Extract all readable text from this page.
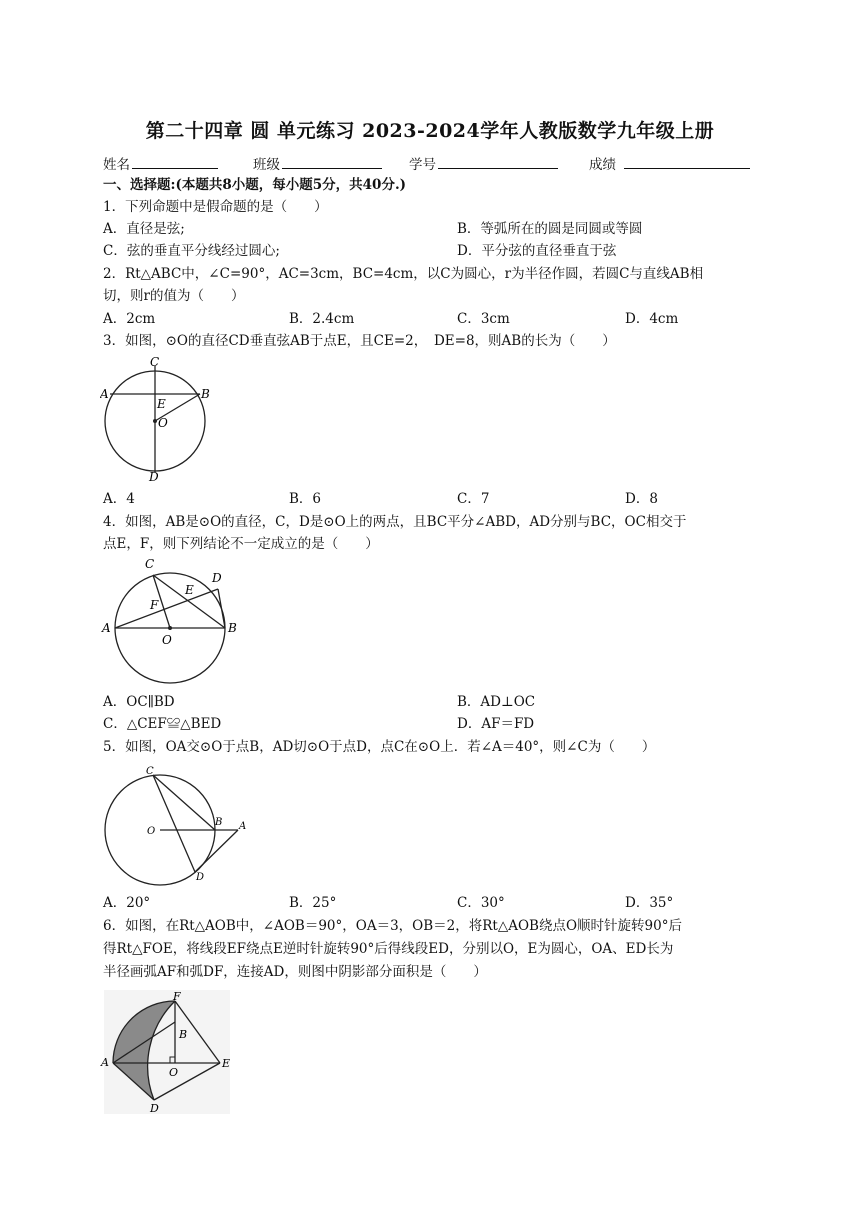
第二十四章 圆 单元练习 2023-2024学年人教版数学九年级上册
姓名	班级	学号	成绩
一、选择题:(本题共8小题，每小题5分，共40分.)
1．下列命题中是假命题的是（　　）
A．直径是弦;	B．等弧所在的圆是同圆或等圆
C．弦的垂直平分线经过圆心;	D．平分弦的直径垂直于弦
2．Rt△ABC中，∠C=90°，AC=3cm，BC=4cm，以C为圆心，r为半径作圆，若圆C与直线AB相
切，则r的值为（　　）
A．2cm	B．2.4cm	C．3cm	D．4cm
3．如图，⊙O的直径CD垂直弦AB于点E，且CE=2，　DE=8，则AB的长为（　　）
C
A	B
E
O
D
A．4	B．6	C．7	D．8
4．如图，AB是⊙O的直径，C，D是⊙O上的两点，且BC平分∠ABD，AD分别与BC，OC相交于
点E，F，则下列结论不一定成立的是（　　）
C
D
E
F
A
O
B
A．OC∥BD	B．AD⊥OC
C．△CEF≌△BED	D．AF＝FD
5．如图，OA交⊙O于点B，AD切⊙O于点D，点C在⊙O上．若∠A＝40°，则∠C为（　　）
C
O
B A
D
A．20°	B．25°	C．30°	D．35°
6．如图，在Rt△AOB中，∠AOB＝90°，OA＝3，OB＝2，将Rt△AOB绕点O顺时针旋转90°后
得Rt△FOE，将线段EF绕点E逆时针旋转90°后得线段ED，分别以O，E为圆心，OA、ED长为
半径画弧AF和弧DF，连接AD，则图中阴影部分面积是（　　）
F
B
A
O
E
D
